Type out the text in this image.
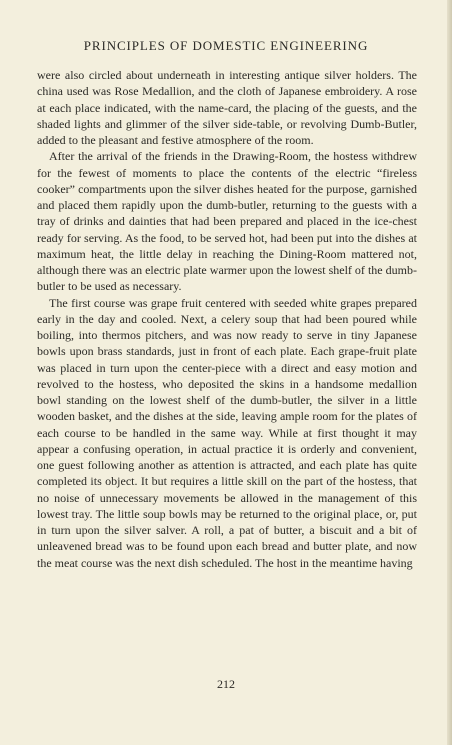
PRINCIPLES OF DOMESTIC ENGINEERING

were also circled about underneath in interesting antique silver holders. The china used was Rose Medallion, and the cloth of Japanese embroidery. A rose at each place indicated, with the name-card, the placing of the guests, and the shaded lights and glimmer of the silver side-table, or revolving Dumb-Butler, added to the pleasant and festive atmosphere of the room.

After the arrival of the friends in the Drawing-Room, the hostess withdrew for the fewest of moments to place the contents of the electric “fireless cooker” compartments upon the silver dishes heated for the purpose, garnished and placed them rapidly upon the dumb-butler, returning to the guests with a tray of drinks and dainties that had been prepared and placed in the ice-chest ready for serving. As the food, to be served hot, had been put into the dishes at maximum heat, the little delay in reaching the Dining-Room mattered not, although there was an electric plate warmer upon the lowest shelf of the dumb-butler to be used as necessary.

The first course was grape fruit centered with seeded white grapes prepared early in the day and cooled. Next, a celery soup that had been poured while boiling, into thermos pitchers, and was now ready to serve in tiny Japanese bowls upon brass standards, just in front of each plate. Each grape-fruit plate was placed in turn upon the center-piece with a direct and easy motion and revolved to the hostess, who deposited the skins in a handsome medallion bowl standing on the lowest shelf of the dumb-butler, the silver in a little wooden basket, and the dishes at the side, leaving ample room for the plates of each course to be handled in the same way. While at first thought it may appear a confusing operation, in actual practice it is orderly and convenient, one guest following another as attention is attracted, and each plate has quite completed its object. It but requires a little skill on the part of the hostess, that no noise of unnecessary movements be allowed in the management of this lowest tray. The little soup bowls may be returned to the original place, or, put in turn upon the silver salver. A roll, a pat of butter, a biscuit and a bit of unleavened bread was to be found upon each bread and butter plate, and now the meat course was the next dish scheduled. The host in the meantime having

212
